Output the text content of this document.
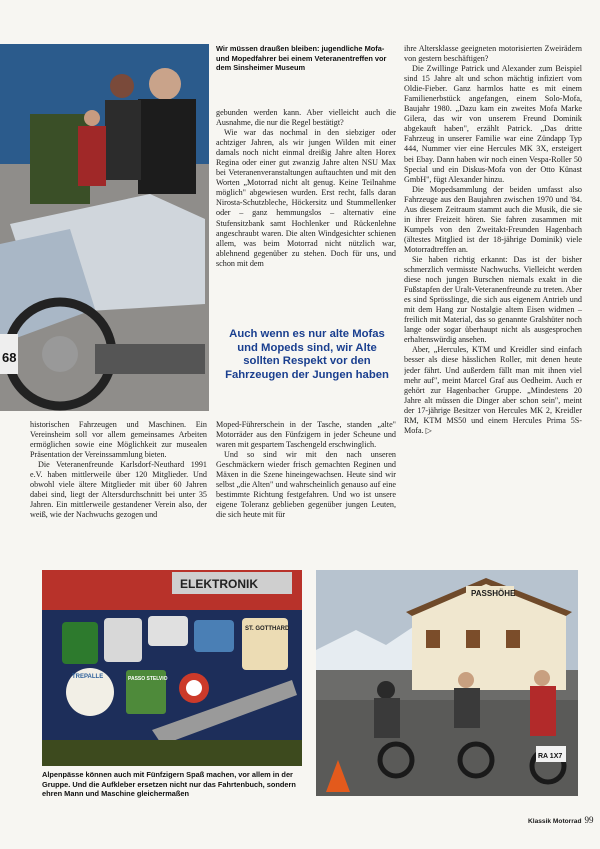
68
Wir müssen draußen bleiben: jugendliche Mofa- und Mopedfahrer bei einem Veteranentreffen vor dem Sinsheimer Museum

gebunden werden kann. Aber vielleicht auch die Ausnahme, die nur die Regel bestätigt?

Wie war das nochmal in den siebziger oder achtziger Jahren, als wir jungen Wilden mit einer damals noch nicht einmal dreißig Jahre alten Horex Regina oder einer gut zwanzig Jahre alten NSU Max bei Veteranenveranstaltungen auftauchten und mit den Worten „Motorrad nicht alt genug. Keine Teilnahme möglich" abgewiesen wurden. Erst recht, falls daran Nirosta-Schutzbleche, Höckersitz und Stummellenker oder – ganz hemmungslos – alternativ eine Stufensitzbank samt Hochlenker und Rückenlehne angeschraubt waren. Die alten Windgesichter schienen allem, was beim Motorrad nicht nützlich war, ablehnend gegenüber zu stehen. Doch für uns, und schon mit dem

Auch wenn es nur alte Mofas und Mopeds sind, wir Alte sollten Respekt vor den Fahrzeugen der Jungen haben

Moped-Führerschein in der Tasche, standen „alte" Motorräder aus den Fünfzigern in jeder Scheune und waren mit gespartem Taschengeld erschwinglich.

Und so sind wir mit den nach unseren Geschmäckern wieder frisch gemachten Reginen und Mäxen in die Szene hineingewachsen. Heute sind wir selbst „die Alten" und wahrscheinlich genauso auf eine bestimmte Richtung festgefahren. Und wo ist unsere eigene Toleranz geblieben gegenüber jungen Leuten, die sich heute mit für

historischen Fahrzeugen und Maschinen. Ein Vereinsheim soll vor allem gemeinsames Arbeiten ermöglichen sowie eine Möglichkeit zur musealen Präsentation der Vereinssammlung bieten.

Die Veteranenfreunde Karlsdorf-Neuthard 1991 e.V. haben mittlerweile über 120 Mitglieder. Und obwohl viele ältere Mitglieder mit über 60 Jahren dabei sind, liegt der Altersdurchschnitt bei unter 35 Jahren. Ein mittlerweile gestandener Verein also, der weiß, wie der Nachwuchs gezogen und

ihre Altersklasse geeigneten motorisierten Zweirädern von gestern beschäftigen?

Die Zwillinge Patrick und Alexander zum Beispiel sind 15 Jahre alt und schon mächtig infiziert vom Oldie-Fieber. Ganz harmlos hatte es mit einem Familienerbstück angefangen, einem Solo-Mofa, Baujahr 1980. „Dazu kam ein zweites Mofa Marke Gilera, das wir von unserem Freund Dominik abgekauft haben", erzählt Patrick. „Das dritte Fahrzeug in unserer Familie war eine Zündapp Typ 444, Nummer vier eine Hercules MK 3X, ersteigert bei Ebay. Dann haben wir noch einen Vespa-Roller 50 Special und ein Diskus-Mofa von der Otto Künast GmbH", fügt Alexander hinzu.

Die Mopedsammlung der beiden umfasst also Fahrzeuge aus den Baujahren zwischen 1970 und '84. Aus diesem Zeitraum stammt auch die Musik, die sie in ihrer Freizeit hören. Sie fahren zusammen mit Kumpels von den Zweitakt-Freunden Hagenbach (ältestes Mitglied ist der 18-jährige Dominik) viele Motorradtreffen an.

Sie haben richtig erkannt: Das ist der bisher schmerzlich vermisste Nachwuchs. Vielleicht werden diese noch jungen Burschen niemals exakt in die Fußstapfen der Uralt-Veteranenfreunde zu treten. Aber es sind Sprösslinge, die sich aus eigenem Antrieb und mit dem Hang zur Nostalgie altem Eisen widmen – freilich mit Material, das so genannte Gralshüter noch lange oder sogar überhaupt nicht als ausgesprochen erhaltenswürdig ansehen.

Aber, „Hercules, KTM und Kreidler sind einfach besser als diese hässlichen Roller, mit denen heute jeder fährt. Und außerdem fällt man mit ihnen viel mehr auf", meint Marcel Graf aus Oedheim. Auch er gehört zur Hagenbacher Gruppe. „Mindestens 20 Jahre alt müssen die Dinger aber schon sein", meint der 17-jährige Besitzer von Hercules MK 2, Kreidler RM, KTM MS50 und einem Hercules Prima 5S-Mofa. ▷

ELEKTRONIK
ST. GOTTHARD
TREPALLE	PASSO STELVIO
Alpenpässe können auch mit Fünfzigern Spaß machen, vor allem in der Gruppe. Und die Aufkleber ersetzen nicht nur das Fahrtenbuch, sondern ehren Mann und Maschine gleichermaßen
PASSHÖHE
RA 1X7
Klassik Motorrad 99
